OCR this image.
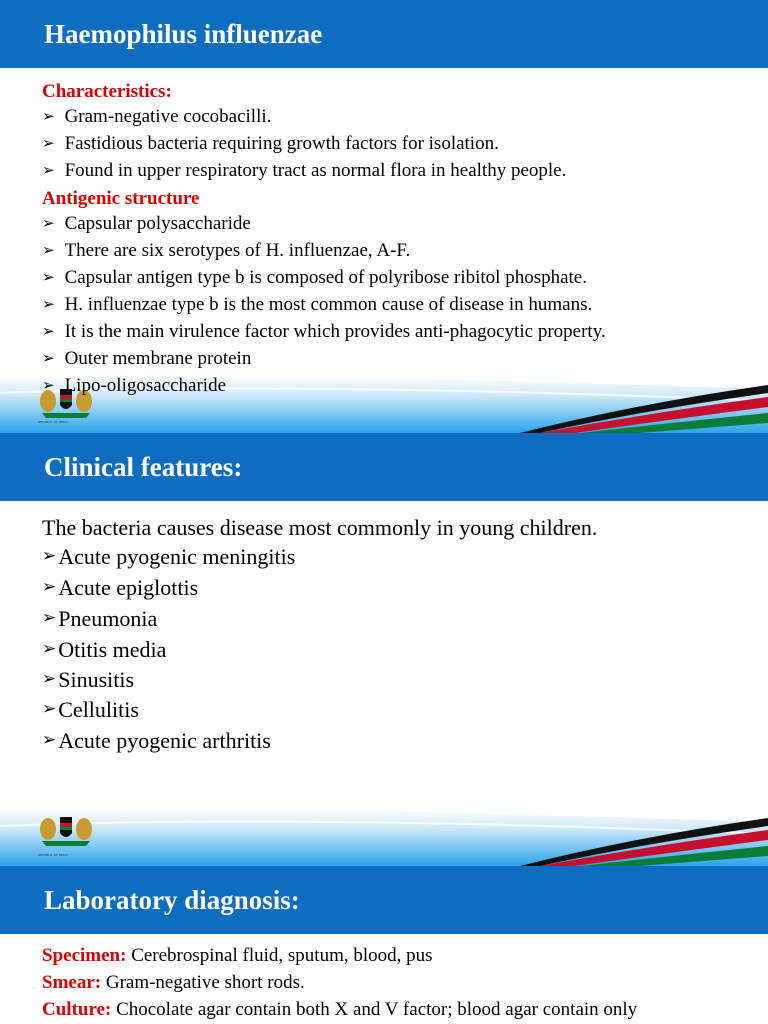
Haemophilus influenzae
Characteristics:
➢ Gram-negative cocobacilli.
➢ Fastidious bacteria requiring growth factors for isolation.
➢ Found in upper respiratory tract as normal flora in healthy people.
Antigenic structure
➢ Capsular polysaccharide
➢ There are six serotypes of H. influenzae, A-F.
➢ Capsular antigen type b is composed of polyribose ribitol phosphate.
➢ H. influenzae type b is the most common cause of disease in humans.
➢ It is the main virulence factor which provides anti-phagocytic property.
REPUBLIC OF KENYA
➢ Outer membrane protein
➢ Lipo-oligosaccharide
Clinical features:
The bacteria causes disease most commonly in young children.
➢Acute pyogenic meningitis
➢Acute epiglottis
➢Pneumonia
➢Otitis media
➢Sinusitis
➢Cellulitis
➢Acute pyogenic arthritis
REPUBLIC OF KENYA
Laboratory diagnosis:
Specimen: Cerebrospinal fluid, sputum, blood, pus
Smear: Gram-negative short rods.
Culture: Chocolate agar contain both X and V factor; blood agar contain only
